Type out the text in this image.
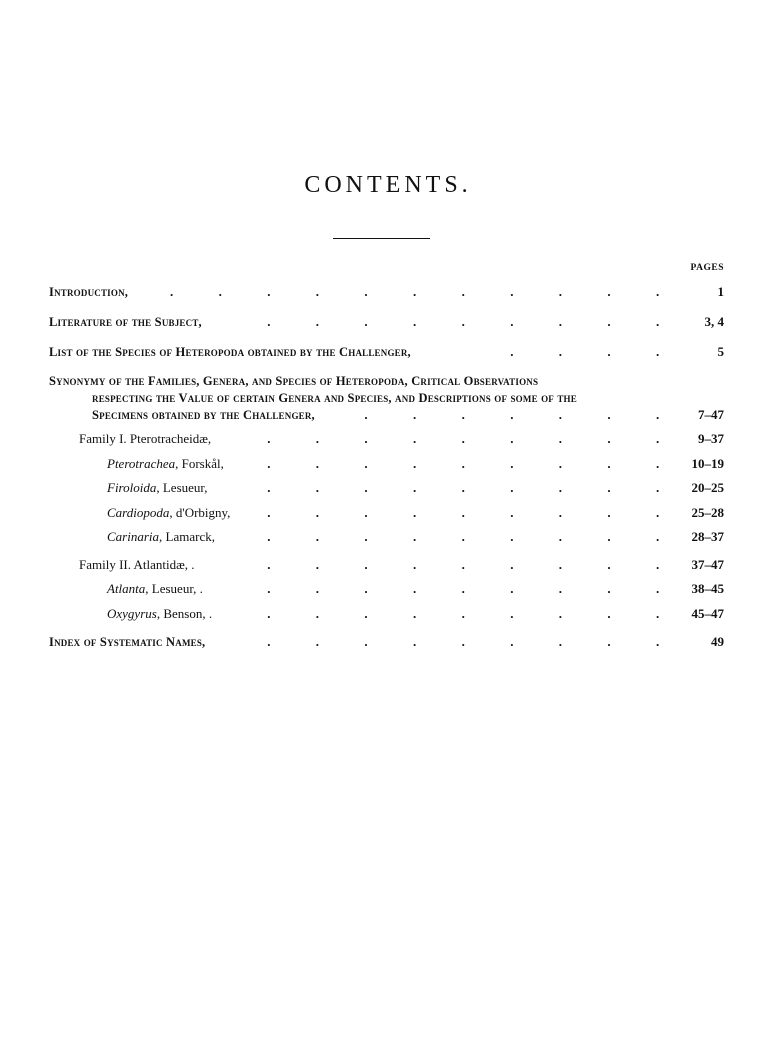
CONTENTS.
PAGES
Introduction,	.	.	.	.	.	.	.	.	.	.	.	1
Literature of the Subject,	.	.	.	.	.	.	.	.	.	3, 4
List of the Species of Heteropoda obtained by the Challenger,	.	.	.	.	5
Synonymy of the Families, Genera, and Species of Heteropoda, Critical Observations
respecting the Value of certain Genera and Species, and Descriptions of some of the
Specimens obtained by the Challenger,	.	.	.	.	.	.	.	7–47
Family I. Pterotracheidæ,	.	.	.	.	.	.	.	.	.	9–37
Pterotrachea, Forskål,	.	.	.	.	.	.	.	.	. 10–19
Firoloida, Lesueur,	.	.	.	.	.	.	.	.	. 20–25
Cardiopoda, d'Orbigny,	.	.	.	.	.	.	.	.	. 25–28
Carinaria, Lamarck,	.	.	.	.	.	.	.	.	. 28–37
Family II. Atlantidæ, .	.	.	.	.	.	.	.	.	. 37–47
Atlanta, Lesueur, .	.	.	.	.	.	.	.	.	. 38–45
Oxygyrus, Benson, .	.	.	.	.	.	.	.	.	. 45–47
Index of Systematic Names,	.	.	.	.	.	.	.	.	.	49
